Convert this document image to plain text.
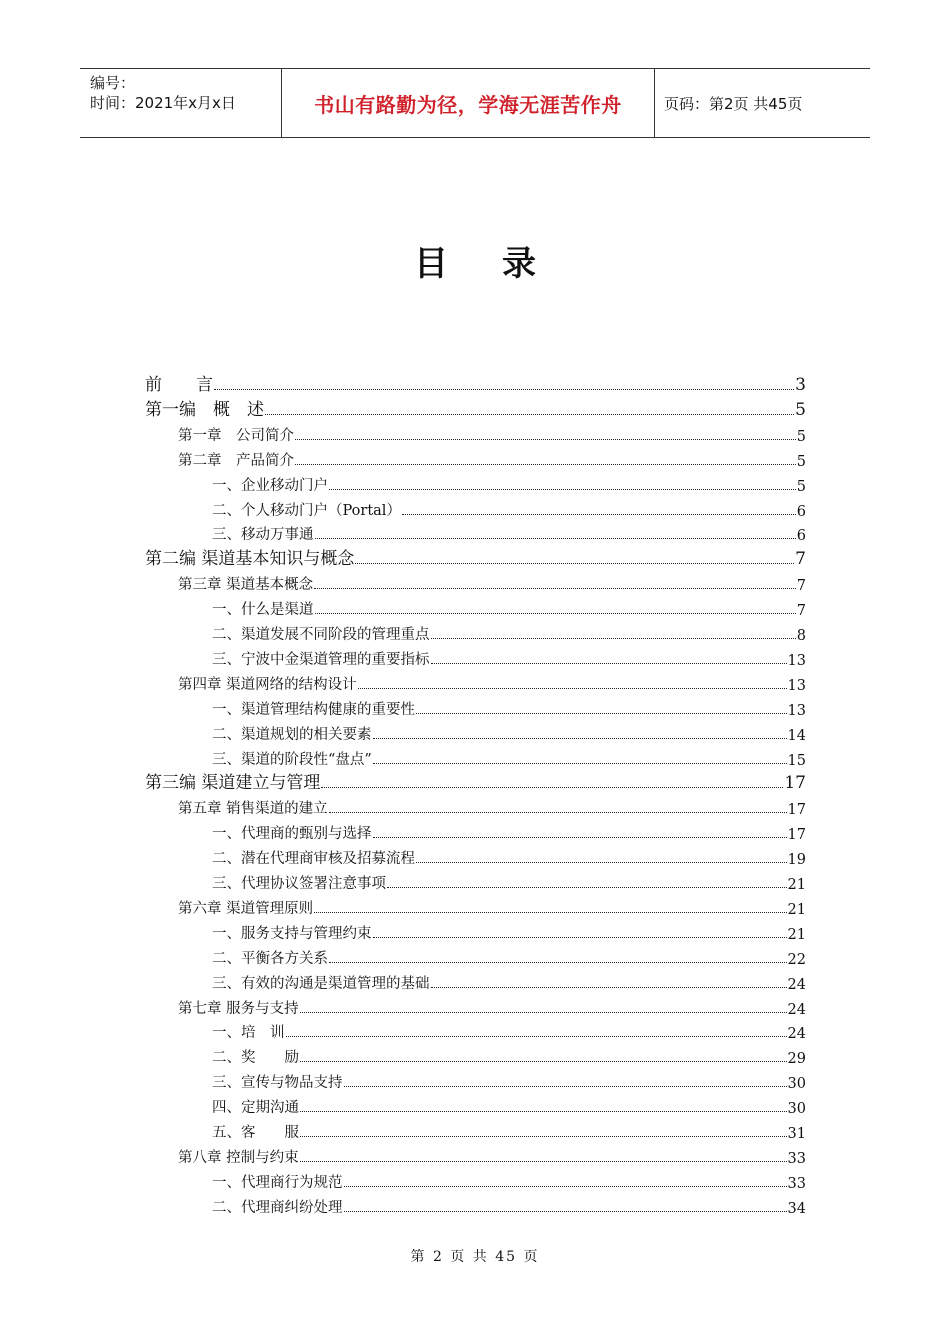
编号：
时间：2021年x月x日	书山有路勤为径，学海无涯苦作舟	页码：第2页 共45页
目录
前　　言	3
第一编　概　述	5
第一章　公司简介	5
第二章　产品简介	5
一、企业移动门户	5
二、个人移动门户（Portal）	6
三、移动万事通	6
第二编 渠道基本知识与概念	7
第三章 渠道基本概念	7
一、什么是渠道	7
二、渠道发展不同阶段的管理重点	8
三、宁波中金渠道管理的重要指标	13
第四章 渠道网络的结构设计	13
一、渠道管理结构健康的重要性	13
二、渠道规划的相关要素	14
三、渠道的阶段性“盘点”	15
第三编 渠道建立与管理	17
第五章 销售渠道的建立	17
一、代理商的甄别与选择	17
二、潜在代理商审核及招募流程	19
三、代理协议签署注意事项	21
第六章 渠道管理原则	21
一、服务支持与管理约束	21
二、平衡各方关系	22
三、有效的沟通是渠道管理的基础	24
第七章 服务与支持	24
一、培　训	24
二、奖　　励	29
三、宣传与物品支持	30
四、定期沟通	30
五、客　　服	31
第八章 控制与约束	33
一、代理商行为规范	33
二、代理商纠纷处理	34
第 2 页 共 45 页
